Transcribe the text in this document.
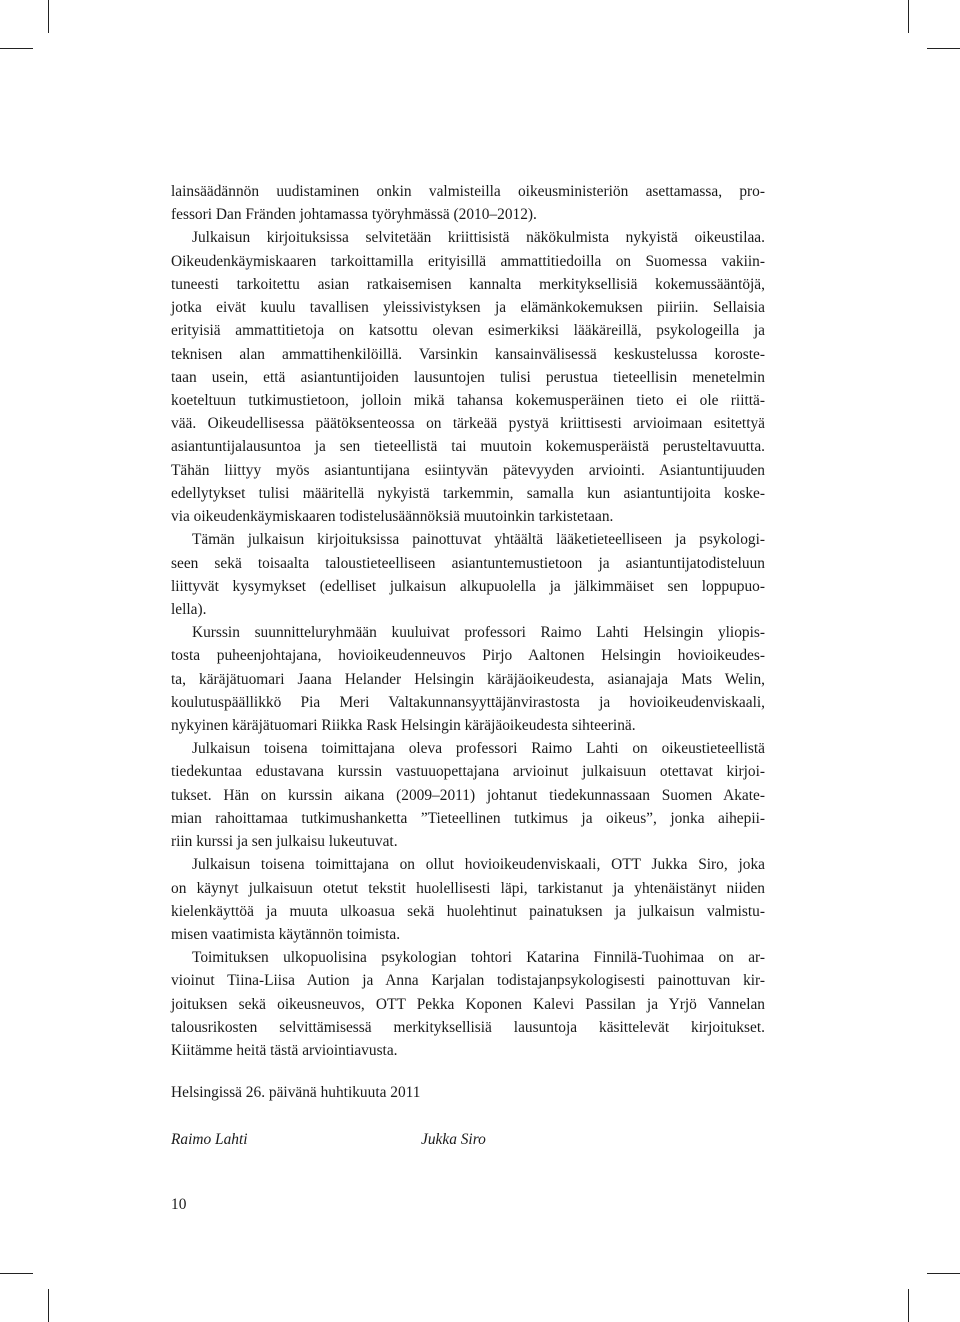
lainsäädännön uudistaminen onkin valmisteilla oikeusministeriön asettamassa, pro-
fessori Dan Fränden johtamassa työryhmässä (2010–2012).
Julkaisun kirjoituksissa selvitetään kriittisistä näkökulmista nykyistä oikeustilaa.
Oikeudenkäymiskaaren tarkoittamilla erityisillä ammattitiedoilla on Suomessa vakiin-
tuneesti tarkoitettu asian ratkaisemisen kannalta merkityksellisiä kokemussääntöjä,
jotka eivät kuulu tavallisen yleissivistyksen ja elämänkokemuksen piiriin. Sellaisia
erityisiä ammattitietoja on katsottu olevan esimerkiksi lääkäreillä, psykologeilla ja
teknisen alan ammattihenkilöillä. Varsinkin kansainvälisessä keskustelussa koroste-
taan usein, että asiantuntijoiden lausuntojen tulisi perustua tieteellisin menetelmin
koeteltuun tutkimustietoon, jolloin mikä tahansa kokemusperäinen tieto ei ole riittä-
vää. Oikeudellisessa päätöksenteossa on tärkeää pystyä kriittisesti arvioimaan esitettyä
asiantuntijalausuntoa ja sen tieteellistä tai muutoin kokemusperäistä perusteltavuutta.
Tähän liittyy myös asiantuntijana esiintyvän pätevyyden arviointi. Asiantuntijuuden
edellytykset tulisi määritellä nykyistä tarkemmin, samalla kun asiantuntijoita koske-
via oikeudenkäymiskaaren todistelusäännöksiä muutoinkin tarkistetaan.
Tämän julkaisun kirjoituksissa painottuvat yhtäältä lääketieteelliseen ja psykologi-
seen sekä toisaalta taloustieteelliseen asiantuntemustietoon ja asiantuntijatodisteluun
liittyvät kysymykset (edelliset julkaisun alkupuolella ja jälkimmäiset sen loppupuo-
lella).
Kurssin suunnitteluryhmään kuuluivat professori Raimo Lahti Helsingin yliopis-
tosta puheenjohtajana, hovioikeudenneuvos Pirjo Aaltonen Helsingin hovioikeudes-
ta, käräjätuomari Jaana Helander Helsingin käräjäoikeudesta, asianajaja Mats Welin,
koulutuspäällikkö Pia Meri Valtakunnansyyttäjänvirastosta ja hovioikeudenviskaali,
nykyinen käräjätuomari Riikka Rask Helsingin käräjäoikeudesta sihteerinä.
Julkaisun toisena toimittajana oleva professori Raimo Lahti on oikeustieteellistä
tiedekuntaa edustavana kurssin vastuuopettajana arvioinut julkaisuun otettavat kirjoi-
tukset. Hän on kurssin aikana (2009–2011) johtanut tiedekunnassaan Suomen Akate-
mian rahoittamaa tutkimushanketta ”Tieteellinen tutkimus ja oikeus”, jonka aihepii-
riin kurssi ja sen julkaisu lukeutuvat.
Julkaisun toisena toimittajana on ollut hovioikeudenviskaali, OTT Jukka Siro, joka
on käynyt julkaisuun otetut tekstit huolellisesti läpi, tarkistanut ja yhtenäistänyt niiden
kielenkäyttöä ja muuta ulkoasua sekä huolehtinut painatuksen ja julkaisun valmistu-
misen vaatimista käytännön toimista.
Toimituksen ulkopuolisina psykologian tohtori Katarina Finnilä-Tuohimaa on ar-
vioinut Tiina-Liisa Aution ja Anna Karjalan todistajanpsykologisesti painottuvan kir-
joituksen sekä oikeusneuvos, OTT Pekka Koponen Kalevi Passilan ja Yrjö Vannelan
talousrikosten selvittämisessä merkityksellisiä lausuntoja käsittelevät kirjoitukset.
Kiitämme heitä tästä arviointiavusta.
Helsingissä 26. päivänä huhtikuuta 2011
Raimo Lahti	Jukka Siro
10
